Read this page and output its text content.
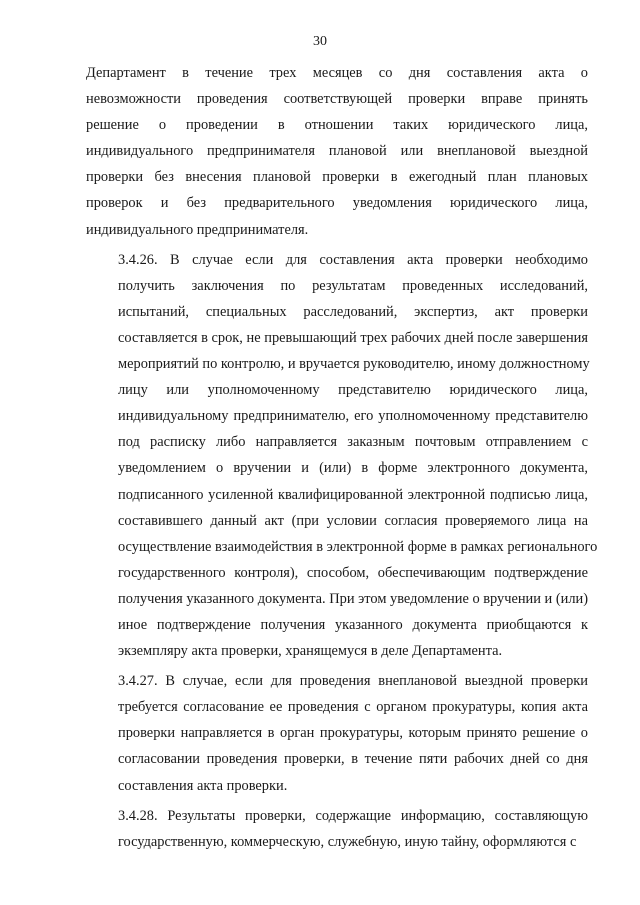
30
Департамент в течение трех месяцев со дня составления акта о
невозможности проведения соответствующей проверки вправе принять
решение о проведении в отношении таких юридического лица,
индивидуального предпринимателя плановой или внеплановой выездной
проверки без внесения плановой проверки в ежегодный план плановых
проверок и без предварительного уведомления юридического лица,
индивидуального предпринимателя.
3.4.26. В случае если для составления акта проверки необходимо
получить заключения по результатам проведенных исследований,
испытаний, специальных расследований, экспертиз, акт проверки
составляется в срок, не превышающий трех рабочих дней после завершения
мероприятий по контролю, и вручается руководителю, иному должностному
лицу или уполномоченному представителю юридического лица,
индивидуальному предпринимателю, его уполномоченному представителю
под расписку либо направляется заказным почтовым отправлением с
уведомлением о вручении и (или) в форме электронного документа,
подписанного усиленной квалифицированной электронной подписью лица,
составившего данный акт (при условии согласия проверяемого лица на
осуществление взаимодействия в электронной форме в рамках регионального
государственного контроля), способом, обеспечивающим подтверждение
получения указанного документа. При этом уведомление о вручении и (или)
иное подтверждение получения указанного документа приобщаются к
экземпляру акта проверки, хранящемуся в деле Департамента.
3.4.27. В случае, если для проведения внеплановой выездной проверки
требуется согласование ее проведения с органом прокуратуры, копия акта
проверки направляется в орган прокуратуры, которым принято решение о
согласовании проведения проверки, в течение пяти рабочих дней со дня
составления акта проверки.
3.4.28. Результаты проверки, содержащие информацию, составляющую
государственную, коммерческую, служебную, иную тайну, оформляются с
